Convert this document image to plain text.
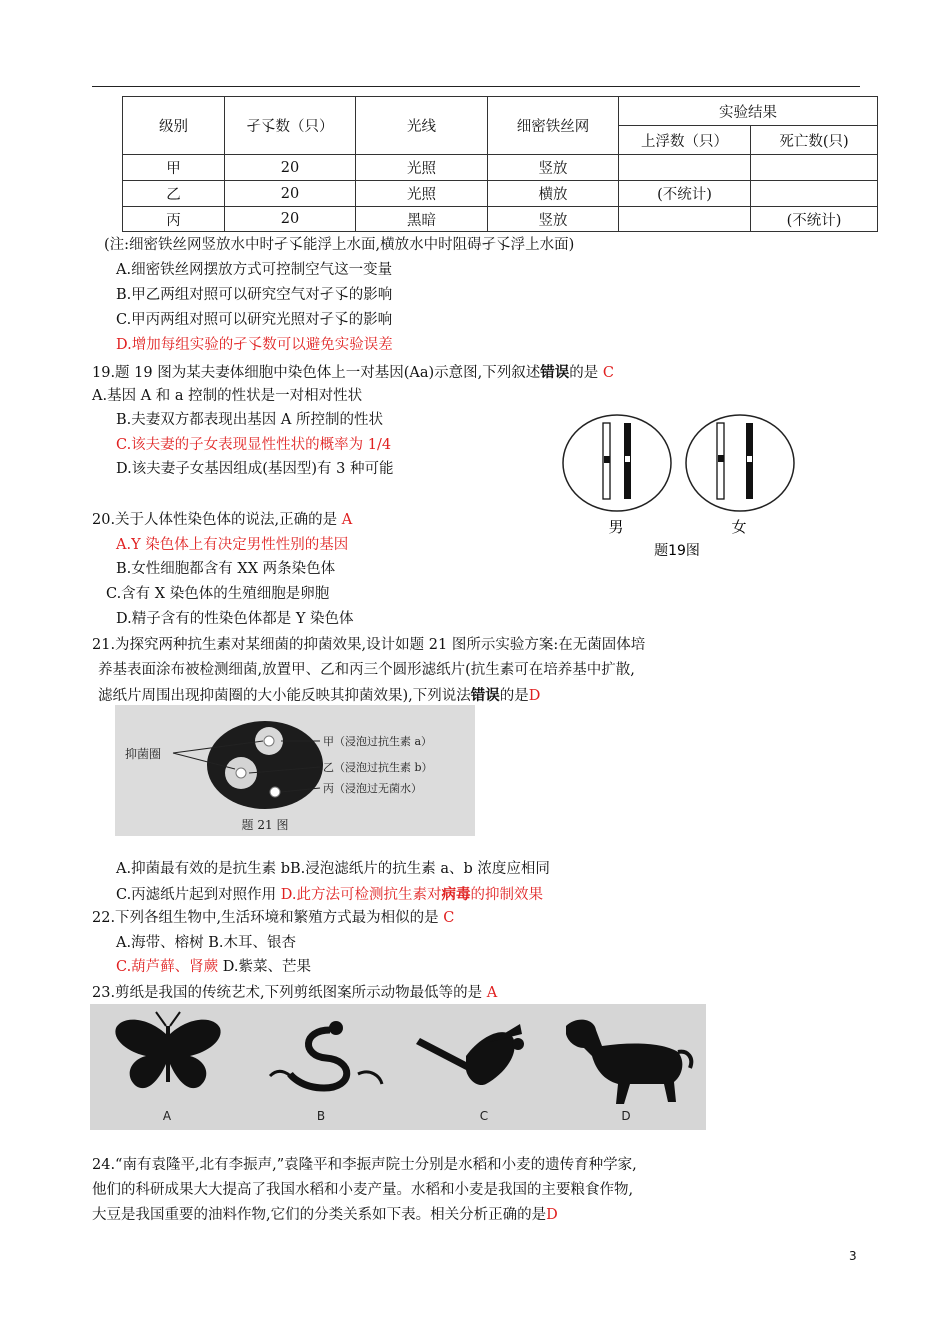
级别	孑孓数（只）	光线	细密铁丝网	实验结果	
				上浮数（只）	死亡数(只)
甲	20	光照	竖放		
乙	20	光照	横放	(不统计)	
丙	20	黑暗	竖放		(不统计)
(注:细密铁丝网竖放水中时孑孓能浮上水面,横放水中时阻碍孑孓浮上水面)
A.细密铁丝网摆放方式可控制空气这一变量
B.甲乙两组对照可以研究空气对孑孓的影响
C.甲丙两组对照可以研究光照对孑孓的影响
D.增加每组实验的孑孓数可以避免实验误差
19.题 19 图为某夫妻体细胞中染色体上一对基因(Aa)示意图,下列叙述错误的是 C
A.基因 A 和 a 控制的性状是一对相对性状
B.夫妻双方都表现出基因 A 所控制的性状
C.该夫妻的子女表现显性性状的概率为 1/4
D.该夫妻子女基因组成(基因型)有 3 种可能
男	女
题19图
20.关于人体性染色体的说法,正确的是 A
A.Y 染色体上有决定男性性别的基因
B.女性细胞都含有 XX 两条染色体
C.含有 X 染色体的生殖细胞是卵胞
D.精子含有的性染色体都是 Y 染色体
21.为探究两种抗生素对某细菌的抑菌效果,设计如题 21 图所示实验方案:在无菌固体培
养基表面涂布被检测细菌,放置甲、乙和丙三个圆形滤纸片(抗生素可在培养基中扩散,
滤纸片周围出现抑菌圈的大小能反映其抑菌效果),下列说法错误的是D
抑菌圈
甲（浸泡过抗生素 a）
乙（浸泡过抗生素 b）
丙（浸泡过无菌水）
题 21 图
A.抑菌最有效的是抗生素 bB.浸泡滤纸片的抗生素 a、b 浓度应相同
C.丙滤纸片起到对照作用 D.此方法可检测抗生素对病毒的抑制效果
22.下列各组生物中,生活环境和繁殖方式最为相似的是 C
A.海带、榕树 B.木耳、银杏
C.葫芦藓、肾蕨 D.紫菜、芒果
23.剪纸是我国的传统艺术,下列剪纸图案所示动物最低等的是 A
A	B	C	D
24.“南有袁隆平,北有李振声,”袁隆平和李振声院士分别是水稻和小麦的遗传育种学家,
他们的科研成果大大提高了我国水稻和小麦产量。水稻和小麦是我国的主要粮食作物,
大豆是我国重要的油料作物,它们的分类关系如下表。相关分析正确的是D
3
